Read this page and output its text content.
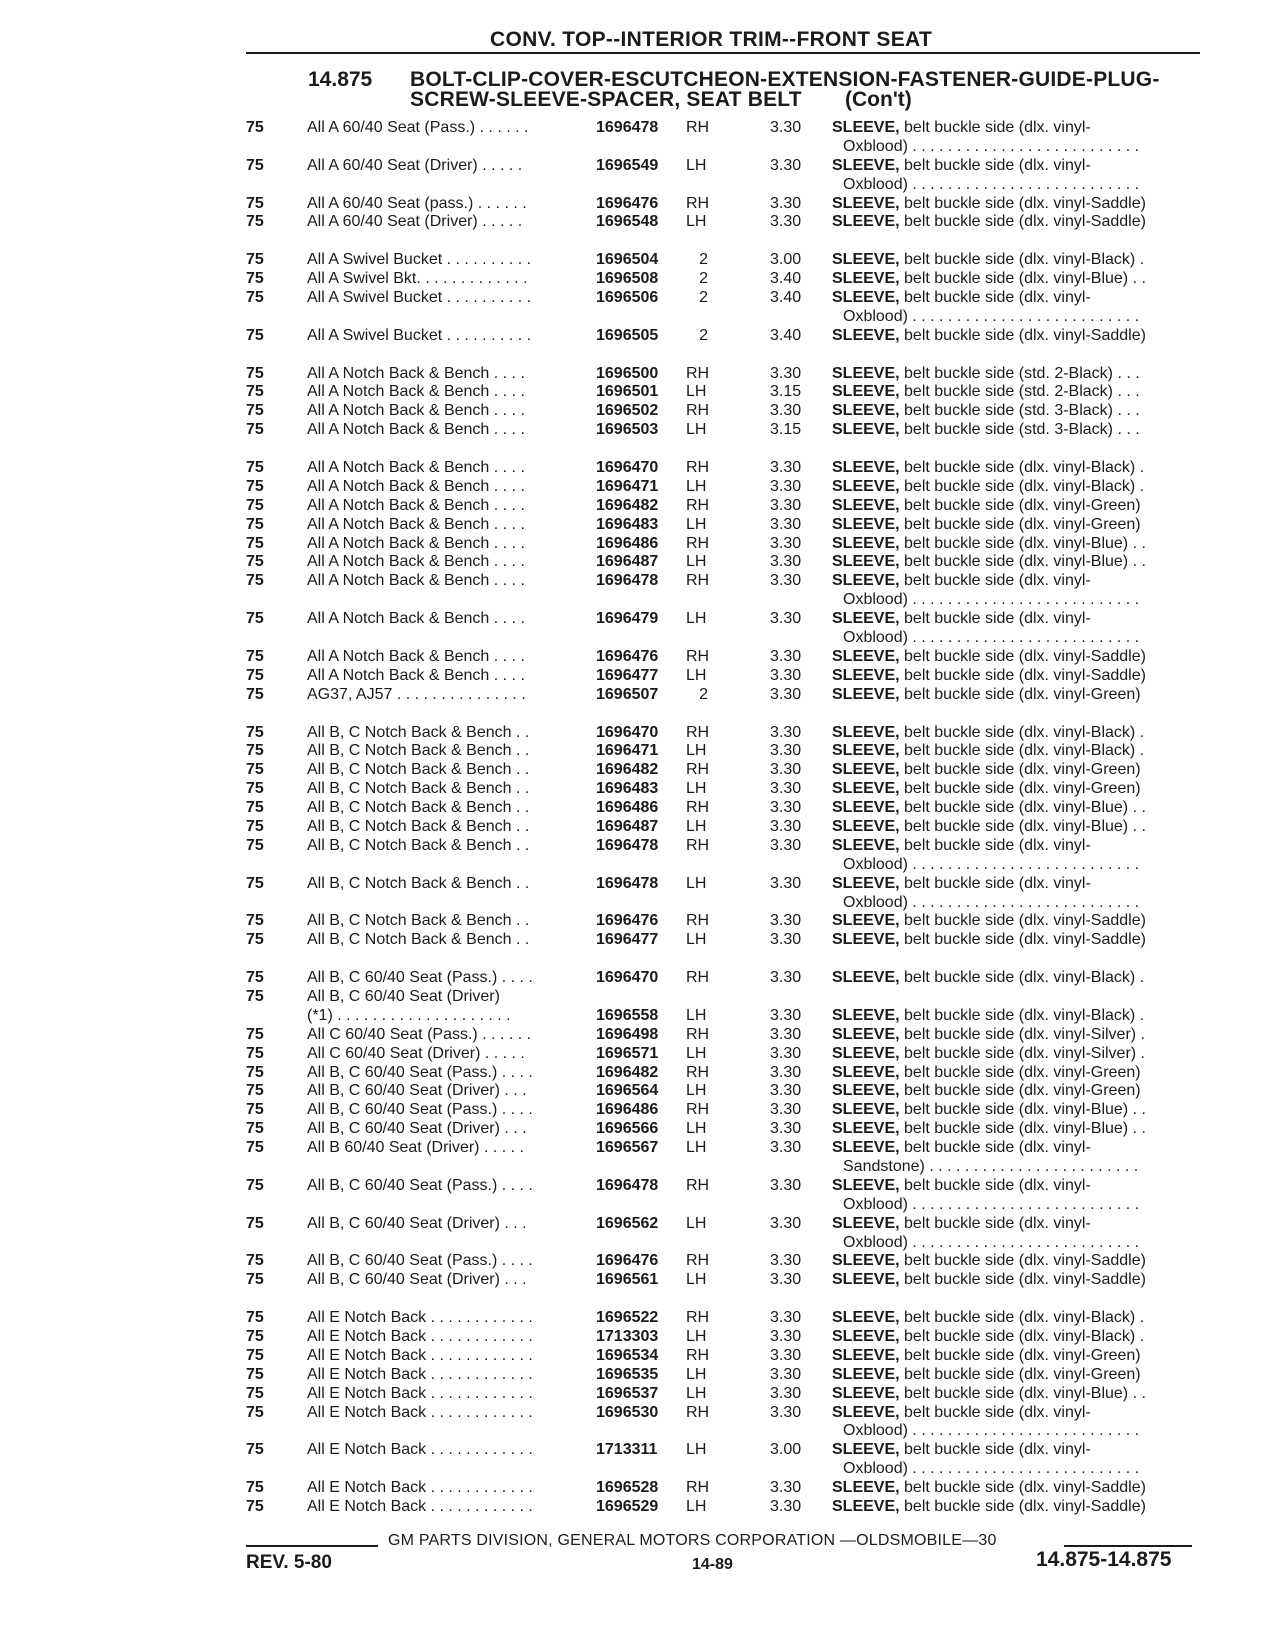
CONV. TOP--INTERIOR TRIM--FRONT SEAT
14.875 BOLT-CLIP-COVER-ESCUTCHEON-EXTENSION-FASTENER-GUIDE-PLUG-
SCREW-SLEEVE-SPACER, SEAT BELT (Con't)
75	All A 60/40 Seat (Pass.) . . . . . .	1696478 RH	3.30 SLEEVE, belt buckle side (dlx. vinyl-
Oxblood) . . . . . . . . . . . . . . . . . . . . . . . . . .
75	All A 60/40 Seat (Driver) . . . . .	1696549 LH	3.30 SLEEVE, belt buckle side (dlx. vinyl-
Oxblood) . . . . . . . . . . . . . . . . . . . . . . . . . .
75	All A 60/40 Seat (pass.) . . . . . .	1696476 RH	3.30 SLEEVE, belt buckle side (dlx. vinyl-Saddle)
75	All A 60/40 Seat (Driver) . . . . .	1696548 LH	3.30 SLEEVE, belt buckle side (dlx. vinyl-Saddle)
75	All A Swivel Bucket . . . . . . . . . .	1696504	2	3.00 SLEEVE, belt buckle side (dlx. vinyl-Black) .
75	All A Swivel Bkt. . . . . . . . . . . . .	1696508	2	3.40 SLEEVE, belt buckle side (dlx. vinyl-Blue) . .
75	All A Swivel Bucket . . . . . . . . . .	1696506	2	3.40 SLEEVE, belt buckle side (dlx. vinyl-
Oxblood) . . . . . . . . . . . . . . . . . . . . . . . . . .
75	All A Swivel Bucket . . . . . . . . . .	1696505	2	3.40 SLEEVE, belt buckle side (dlx. vinyl-Saddle)
75	All A Notch Back & Bench . . . .	1696500 RH	3.30 SLEEVE, belt buckle side (std. 2-Black) . . .
75	All A Notch Back & Bench . . . .	1696501 LH	3.15 SLEEVE, belt buckle side (std. 2-Black) . . .
75	All A Notch Back & Bench . . . .	1696502 RH	3.30 SLEEVE, belt buckle side (std. 3-Black) . . .
75	All A Notch Back & Bench . . . .	1696503 LH	3.15 SLEEVE, belt buckle side (std. 3-Black) . . .
75	All A Notch Back & Bench . . . .	1696470 RH	3.30 SLEEVE, belt buckle side (dlx. vinyl-Black) .
75	All A Notch Back & Bench . . . .	1696471 LH	3.30 SLEEVE, belt buckle side (dlx. vinyl-Black) .
75	All A Notch Back & Bench . . . .	1696482 RH	3.30 SLEEVE, belt buckle side (dlx. vinyl-Green)
75	All A Notch Back & Bench . . . .	1696483 LH	3.30 SLEEVE, belt buckle side (dlx. vinyl-Green)
75	All A Notch Back & Bench . . . .	1696486 RH	3.30 SLEEVE, belt buckle side (dlx. vinyl-Blue) . .
75	All A Notch Back & Bench . . . .	1696487 LH	3.30 SLEEVE, belt buckle side (dlx. vinyl-Blue) . .
75	All A Notch Back & Bench . . . .	1696478 RH	3.30 SLEEVE, belt buckle side (dlx. vinyl-
Oxblood) . . . . . . . . . . . . . . . . . . . . . . . . . .
75	All A Notch Back & Bench . . . .	1696479 LH	3.30 SLEEVE, belt buckle side (dlx. vinyl-
Oxblood) . . . . . . . . . . . . . . . . . . . . . . . . . .
75	All A Notch Back & Bench . . . .	1696476 RH	3.30 SLEEVE, belt buckle side (dlx. vinyl-Saddle)
75	All A Notch Back & Bench . . . .	1696477 LH	3.30 SLEEVE, belt buckle side (dlx. vinyl-Saddle)
75	AG37, AJ57 . . . . . . . . . . . . . . .	1696507	2	3.30 SLEEVE, belt buckle side (dlx. vinyl-Green)
75	All B, C Notch Back & Bench . .	1696470 RH	3.30 SLEEVE, belt buckle side (dlx. vinyl-Black) .
75	All B, C Notch Back & Bench . .	1696471 LH	3.30 SLEEVE, belt buckle side (dlx. vinyl-Black) .
75	All B, C Notch Back & Bench . .	1696482 RH	3.30 SLEEVE, belt buckle side (dlx. vinyl-Green)
75	All B, C Notch Back & Bench . .	1696483 LH	3.30 SLEEVE, belt buckle side (dlx. vinyl-Green)
75	All B, C Notch Back & Bench . .	1696486 RH	3.30 SLEEVE, belt buckle side (dlx. vinyl-Blue) . .
75	All B, C Notch Back & Bench . .	1696487 LH	3.30 SLEEVE, belt buckle side (dlx. vinyl-Blue) . .
75	All B, C Notch Back & Bench . .	1696478 RH	3.30 SLEEVE, belt buckle side (dlx. vinyl-
Oxblood) . . . . . . . . . . . . . . . . . . . . . . . . . .
75	All B, C Notch Back & Bench . .	1696478 LH	3.30 SLEEVE, belt buckle side (dlx. vinyl-
Oxblood) . . . . . . . . . . . . . . . . . . . . . . . . . .
75	All B, C Notch Back & Bench . .	1696476 RH	3.30 SLEEVE, belt buckle side (dlx. vinyl-Saddle)
75	All B, C Notch Back & Bench . .	1696477 LH	3.30 SLEEVE, belt buckle side (dlx. vinyl-Saddle)
75	All B, C 60/40 Seat (Pass.) . . . .	1696470 RH	3.30 SLEEVE, belt buckle side (dlx. vinyl-Black) .
75	All B, C 60/40 Seat (Driver)
(*1) . . . . . . . . . . . . . . . . . . . .	1696558 LH	3.30 SLEEVE, belt buckle side (dlx. vinyl-Black) .
75	All C 60/40 Seat (Pass.) . . . . . .	1696498 RH	3.30 SLEEVE, belt buckle side (dlx. vinyl-Silver) .
75	All C 60/40 Seat (Driver) . . . . .	1696571 LH	3.30 SLEEVE, belt buckle side (dlx. vinyl-Silver) .
75	All B, C 60/40 Seat (Pass.) . . . .	1696482 RH	3.30 SLEEVE, belt buckle side (dlx. vinyl-Green)
75	All B, C 60/40 Seat (Driver) . . .	1696564 LH	3.30 SLEEVE, belt buckle side (dlx. vinyl-Green)
75	All B, C 60/40 Seat (Pass.) . . . .	1696486 RH	3.30 SLEEVE, belt buckle side (dlx. vinyl-Blue) . .
75	All B, C 60/40 Seat (Driver) . . .	1696566 LH	3.30 SLEEVE, belt buckle side (dlx. vinyl-Blue) . .
75	All B 60/40 Seat (Driver) . . . . .	1696567 LH	3.30 SLEEVE, belt buckle side (dlx. vinyl-
Sandstone) . . . . . . . . . . . . . . . . . . . . . . . .
75	All B, C 60/40 Seat (Pass.) . . . .	1696478 RH	3.30 SLEEVE, belt buckle side (dlx. vinyl-
Oxblood) . . . . . . . . . . . . . . . . . . . . . . . . . .
75	All B, C 60/40 Seat (Driver) . . .	1696562 LH	3.30 SLEEVE, belt buckle side (dlx. vinyl-
Oxblood) . . . . . . . . . . . . . . . . . . . . . . . . . .
75	All B, C 60/40 Seat (Pass.) . . . .	1696476 RH	3.30 SLEEVE, belt buckle side (dlx. vinyl-Saddle)
75	All B, C 60/40 Seat (Driver) . . .	1696561 LH	3.30 SLEEVE, belt buckle side (dlx. vinyl-Saddle)
75	All E Notch Back . . . . . . . . . . . .	1696522 RH	3.30 SLEEVE, belt buckle side (dlx. vinyl-Black) .
75	All E Notch Back . . . . . . . . . . . .	1713303 LH	3.30 SLEEVE, belt buckle side (dlx. vinyl-Black) .
75	All E Notch Back . . . . . . . . . . . .	1696534 RH	3.30 SLEEVE, belt buckle side (dlx. vinyl-Green)
75	All E Notch Back . . . . . . . . . . . .	1696535 LH	3.30 SLEEVE, belt buckle side (dlx. vinyl-Green)
75	All E Notch Back . . . . . . . . . . . .	1696537 LH	3.30 SLEEVE, belt buckle side (dlx. vinyl-Blue) . .
75	All E Notch Back . . . . . . . . . . . .	1696530 RH	3.30 SLEEVE, belt buckle side (dlx. vinyl-
Oxblood) . . . . . . . . . . . . . . . . . . . . . . . . . .
75	All E Notch Back . . . . . . . . . . . .	1713311 LH	3.00 SLEEVE, belt buckle side (dlx. vinyl-
Oxblood) . . . . . . . . . . . . . . . . . . . . . . . . . .
75	All E Notch Back . . . . . . . . . . . .	1696528 RH	3.30 SLEEVE, belt buckle side (dlx. vinyl-Saddle)
75	All E Notch Back . . . . . . . . . . . .	1696529 LH	3.30 SLEEVE, belt buckle side (dlx. vinyl-Saddle)
GM PARTS DIVISION, GENERAL MOTORS CORPORATION —OLDSMOBILE—30
REV. 5-80	14-89	14.875-14.875
